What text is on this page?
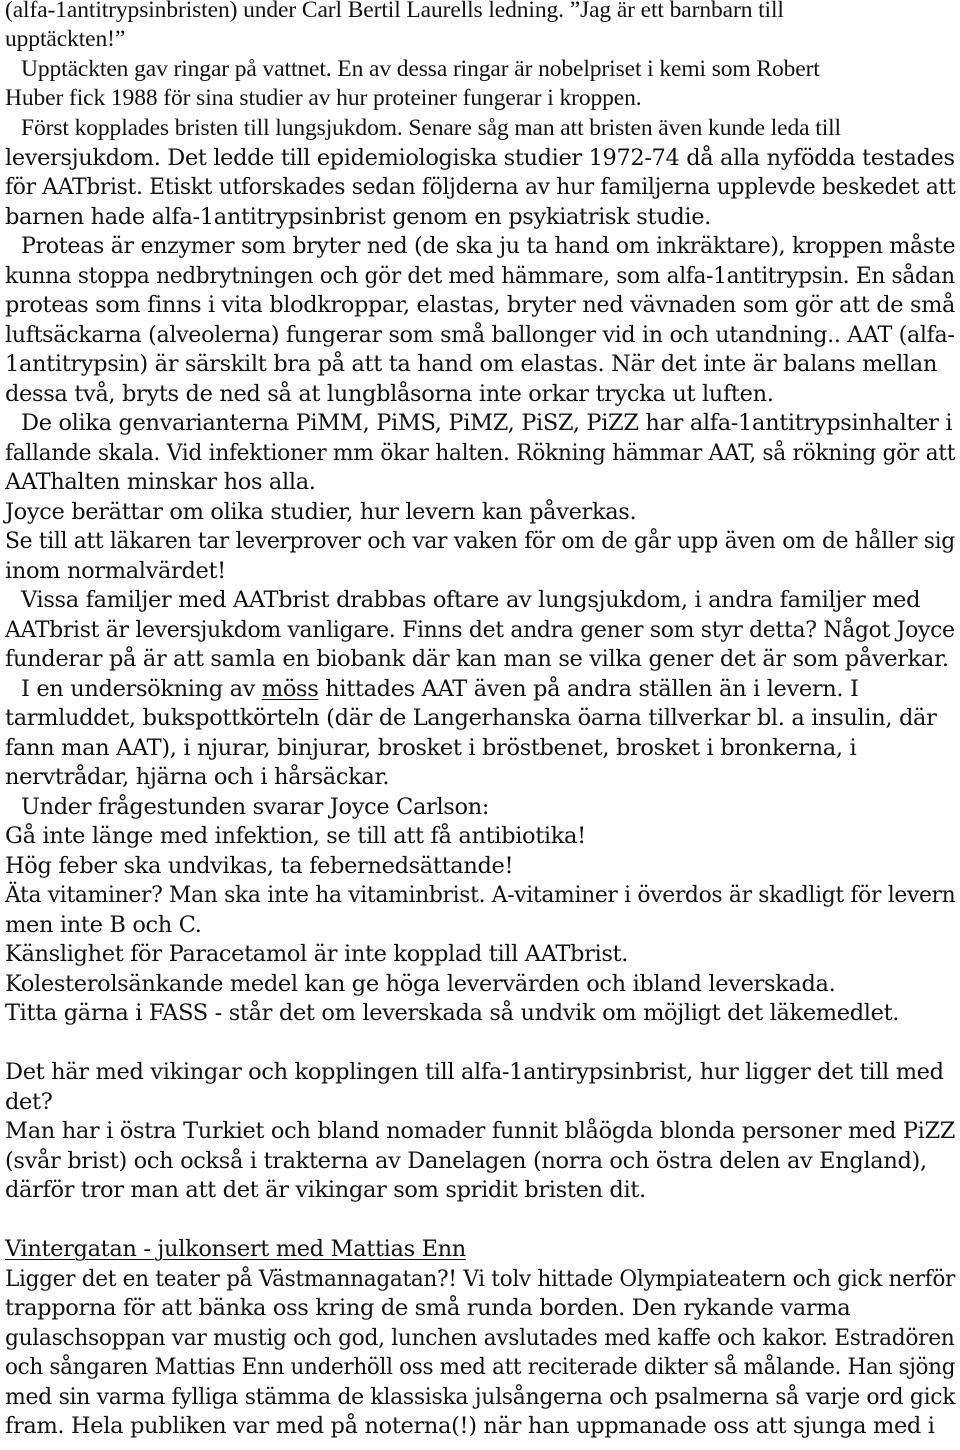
(alfa-1antitrypsinbristen) under Carl Bertil Laurells ledning. ”Jag är ett barnbarn till
upptäckten!”
Upptäckten gav ringar på vattnet. En av dessa ringar är nobelpriset i kemi som Robert
Huber fick 1988 för sina studier av hur proteiner fungerar i kroppen.
Först kopplades bristen till lungsjukdom. Senare såg man att bristen även kunde leda till
leversjukdom. Det ledde till epidemiologiska studier 1972-74 då alla nyfödda testades
för AATbrist. Etiskt utforskades sedan följderna av hur familjerna upplevde beskedet att
barnen hade alfa-1antitrypsinbrist genom en psykiatrisk studie.
Proteas är enzymer som bryter ned (de ska ju ta hand om inkräktare), kroppen måste
kunna stoppa nedbrytningen och gör det med hämmare, som alfa-1antitrypsin. En sådan
proteas som finns i vita blodkroppar, elastas, bryter ned vävnaden som gör att de små
luftsäckarna (alveolerna) fungerar som små ballonger vid in och utandning.. AAT (alfa-
1antitrypsin) är särskilt bra på att ta hand om elastas. När det inte är balans mellan
dessa två, bryts de ned så at lungblåsorna inte orkar trycka ut luften.
De olika genvarianterna PiMM, PiMS, PiMZ, PiSZ, PiZZ har alfa-1antitrypsinhalter i
fallande skala. Vid infektioner mm ökar halten. Rökning hämmar AAT, så rökning gör att
AAThalten minskar hos alla.
Joyce berättar om olika studier, hur levern kan påverkas.
Se till att läkaren tar leverprover och var vaken för om de går upp även om de håller sig
inom normalvärdet!
Vissa familjer med AATbrist drabbas oftare av lungsjukdom, i andra familjer med
AATbrist är leversjukdom vanligare. Finns det andra gener som styr detta? Något Joyce
funderar på är att samla en biobank där kan man se vilka gener det är som påverkar.
I en undersökning av möss hittades AAT även på andra ställen än i levern. I
tarmluddet, bukspottkörteln (där de Langerhanska öarna tillverkar bl. a insulin, där
fann man AAT), i njurar, binjurar, brosket i bröstbenet, brosket i bronkerna, i
nervtrådar, hjärna och i hårsäckar.
Under frågestunden svarar Joyce Carlson:
Gå inte länge med infektion, se till att få antibiotika!
Hög feber ska undvikas, ta febernedsättande!
Äta vitaminer? Man ska inte ha vitaminbrist. A-vitaminer i överdos är skadligt för levern
men inte B och C.
Känslighet för Paracetamol är inte kopplad till AATbrist.
Kolesterolsänkande medel kan ge höga levervärden och ibland leverskada.
Titta gärna i FASS - står det om leverskada så undvik om möjligt det läkemedlet.
Det här med vikingar och kopplingen till alfa-1antirypsinbrist, hur ligger det till med
det?
Man har i östra Turkiet och bland nomader funnit blåögda blonda personer med PiZZ
(svår brist) och också i trakterna av Danelagen (norra och östra delen av England),
därför tror man att det är vikingar som spridit bristen dit.
Vintergatan - julkonsert med Mattias Enn
Ligger det en teater på Västmannagatan?! Vi tolv hittade Olympiateatern och gick nerför
trapporna för att bänka oss kring de små runda borden. Den rykande varma
gulaschsoppan var mustig och god, lunchen avslutades med kaffe och kakor. Estradören
och sångaren Mattias Enn underhöll oss med att reciterade dikter så målande. Han sjöng
med sin varma fylliga stämma de klassiska julsångerna och psalmerna så varje ord gick
fram. Hela publiken var med på noterna(!) när han uppmanade oss att sjunga med i
